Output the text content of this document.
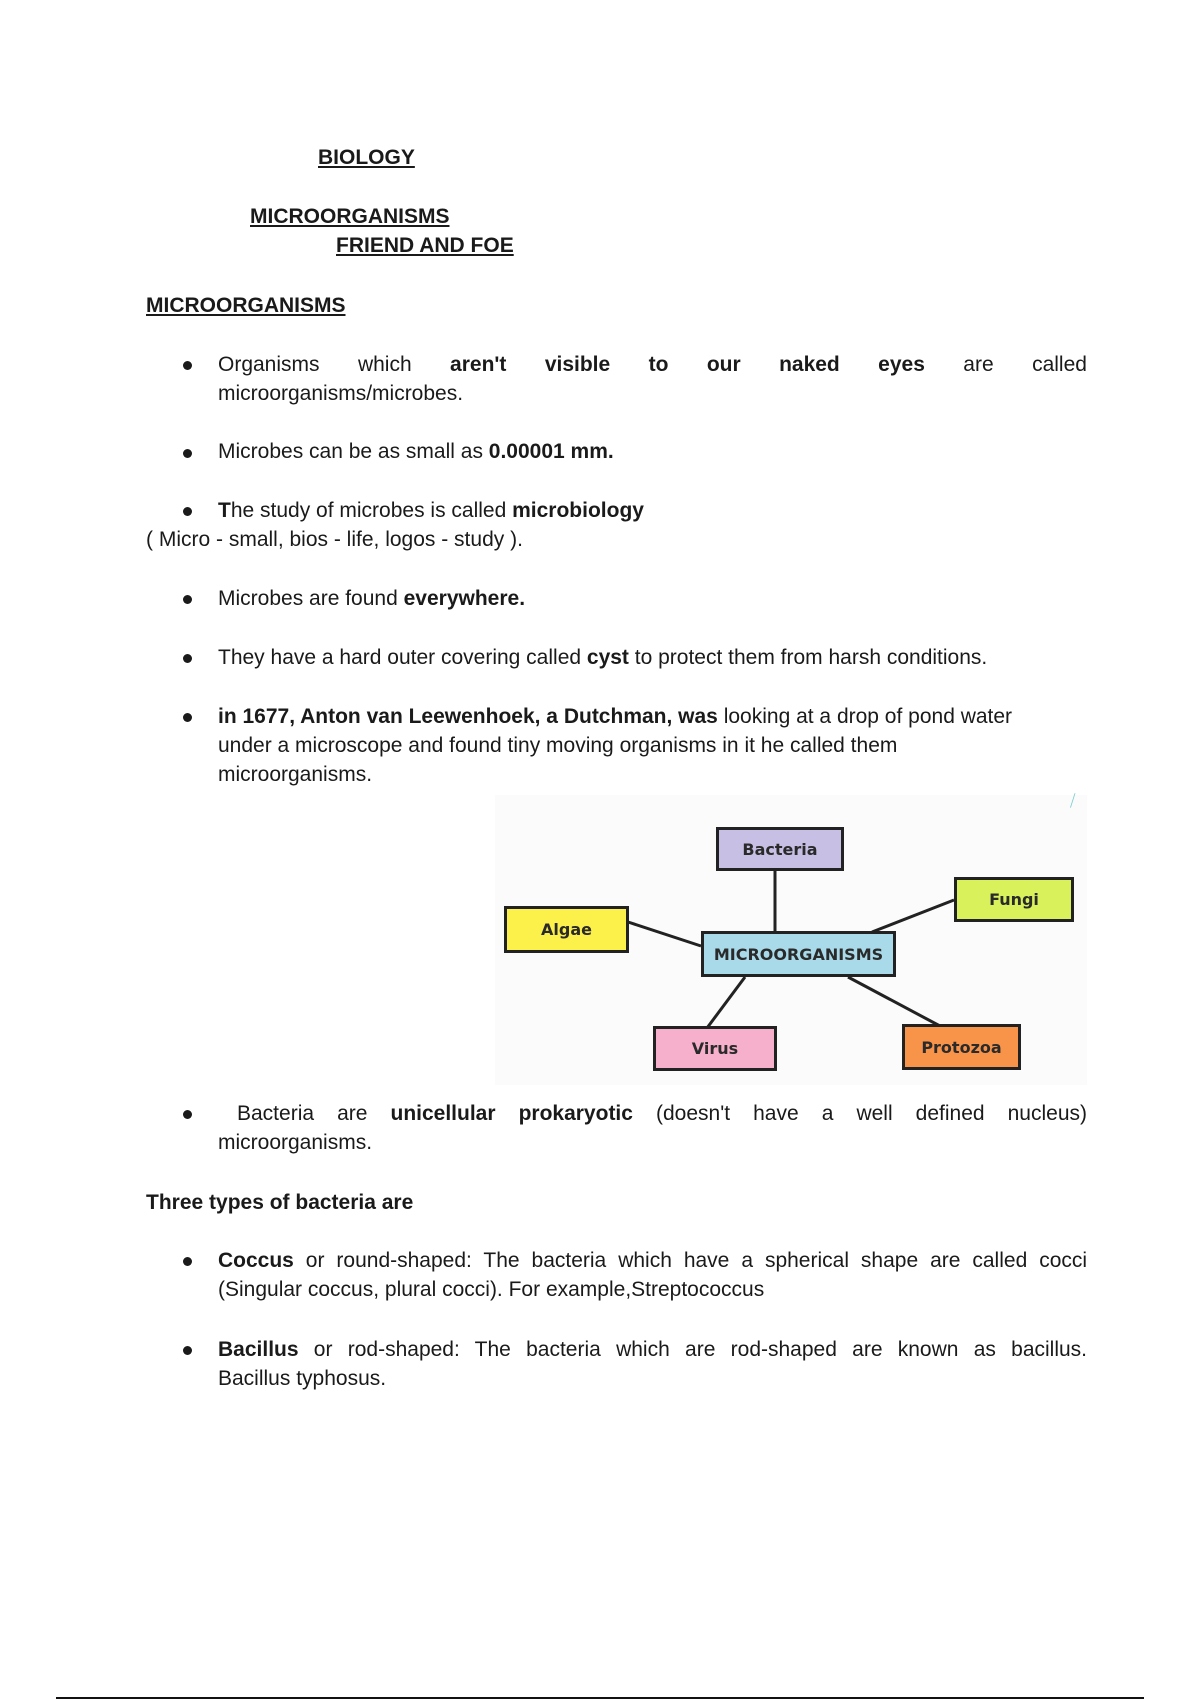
BIOLOGY
MICROORGANISMS
FRIEND AND FOE
MICROORGANISMS
Organisms which aren't visible to our naked eyes are called
microorganisms/microbes.
Microbes can be as small as 0.00001 mm.
The study of microbes is called microbiology
( Micro - small, bios - life, logos - study ).
Microbes are found everywhere.
They have a hard outer covering called cyst to protect them from harsh conditions.
in 1677, Anton van Leewenhoek, a Dutchman, was looking at a drop of pond water
under a microscope and found tiny moving organisms in it he called them
microorganisms.
Bacteria
Fungi
Algae
MICROORGANISMS
Virus	Protozoa
⧸
Bacteria are unicellular prokaryotic (doesn't have a well defined nucleus)
microorganisms.
Three types of bacteria are
Coccus or round-shaped: The bacteria which have a spherical shape are called cocci
(Singular coccus, plural cocci). For example,Streptococcus
Bacillus or rod-shaped: The bacteria which are rod-shaped are known as bacillus.
Bacillus typhosus.
